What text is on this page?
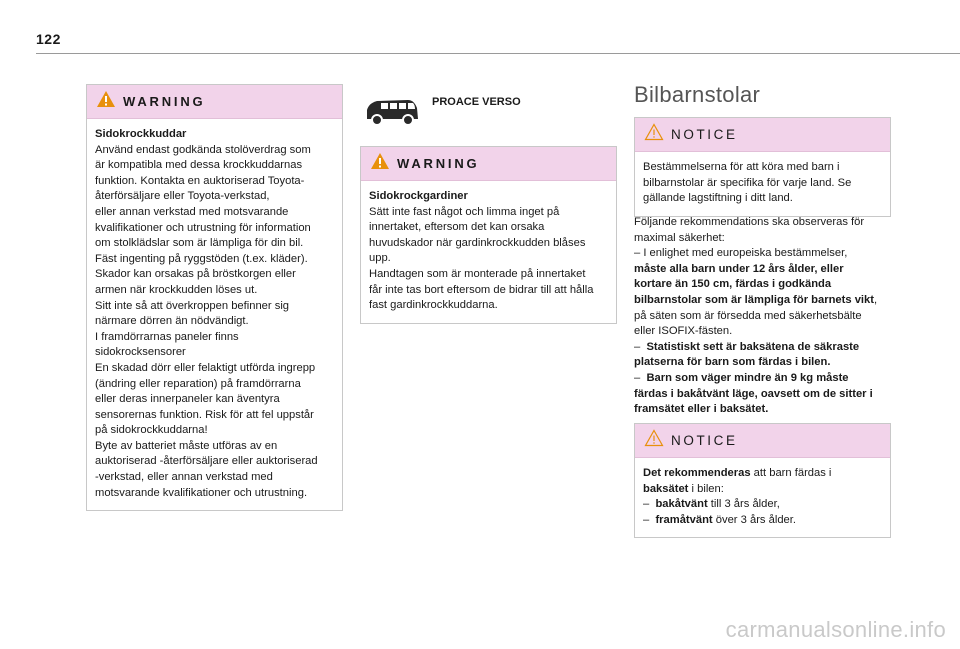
122
WARNING
Sidokrockkuddar
Använd endast godkända stolöverdrag som
är kompatibla med dessa krockkuddarnas
funktion. Kontakta en auktoriserad Toyota-
återförsäljare eller Toyota-verkstad,
eller annan verkstad med motsvarande
kvalifikationer och utrustning för information
om stolklädslar som är lämpliga för din bil.
Fäst ingenting på ryggstöden (t.ex. kläder).
Skador kan orsakas på bröstkorgen eller
armen när krockkudden löses ut.
Sitt inte så att överkroppen befinner sig
närmare dörren än nödvändigt.
I framdörrarnas paneler finns
sidokrocksensorer
En skadad dörr eller felaktigt utförda ingrepp
(ändring eller reparation) på framdörrarna
eller deras innerpaneler kan äventyra
sensorernas funktion. Risk för att fel uppstår
på sidokrockkuddarna!
Byte av batteriet måste utföras av en
auktoriserad -återförsäljare eller auktoriserad
-verkstad, eller annan verkstad med
motsvarande kvalifikationer och utrustning.
PROACE VERSO
WARNING
Sidokrockgardiner
Sätt inte fast något och limma inget på
innertaket, eftersom det kan orsaka
huvudskador när gardinkrockkudden blåses
upp.
Handtagen som är monterade på innertaket
får inte tas bort eftersom de bidrar till att hålla
fast gardinkrockkuddarna.
Bilbarnstolar
NOTICE
Bestämmelserna för att köra med barn i
bilbarnstolar är specifika för varje land. Se
gällande lagstiftning i ditt land.
Följande rekommendations ska observeras för
maximal säkerhet:
– I enlighet med europeiska bestämmelser,
måste alla barn under 12 års ålder, eller
kortare än 150 cm, färdas i godkända
bilbarnstolar som är lämpliga för barnets vikt,
på säten som är försedda med säkerhetsbälte
eller ISOFIX-fästen.
–  Statistiskt sett är baksätena de säkraste
platserna för barn som färdas i bilen.
–  Barn som väger mindre än 9 kg måste
färdas i bakåtvänt läge, oavsett om de sitter i
framsätet eller i baksätet.
NOTICE
Det rekommenderas att barn färdas i
baksätet i bilen:
–  bakåtvänt till 3 års ålder,
–  framåtvänt över 3 års ålder.
carmanualsonline.info
